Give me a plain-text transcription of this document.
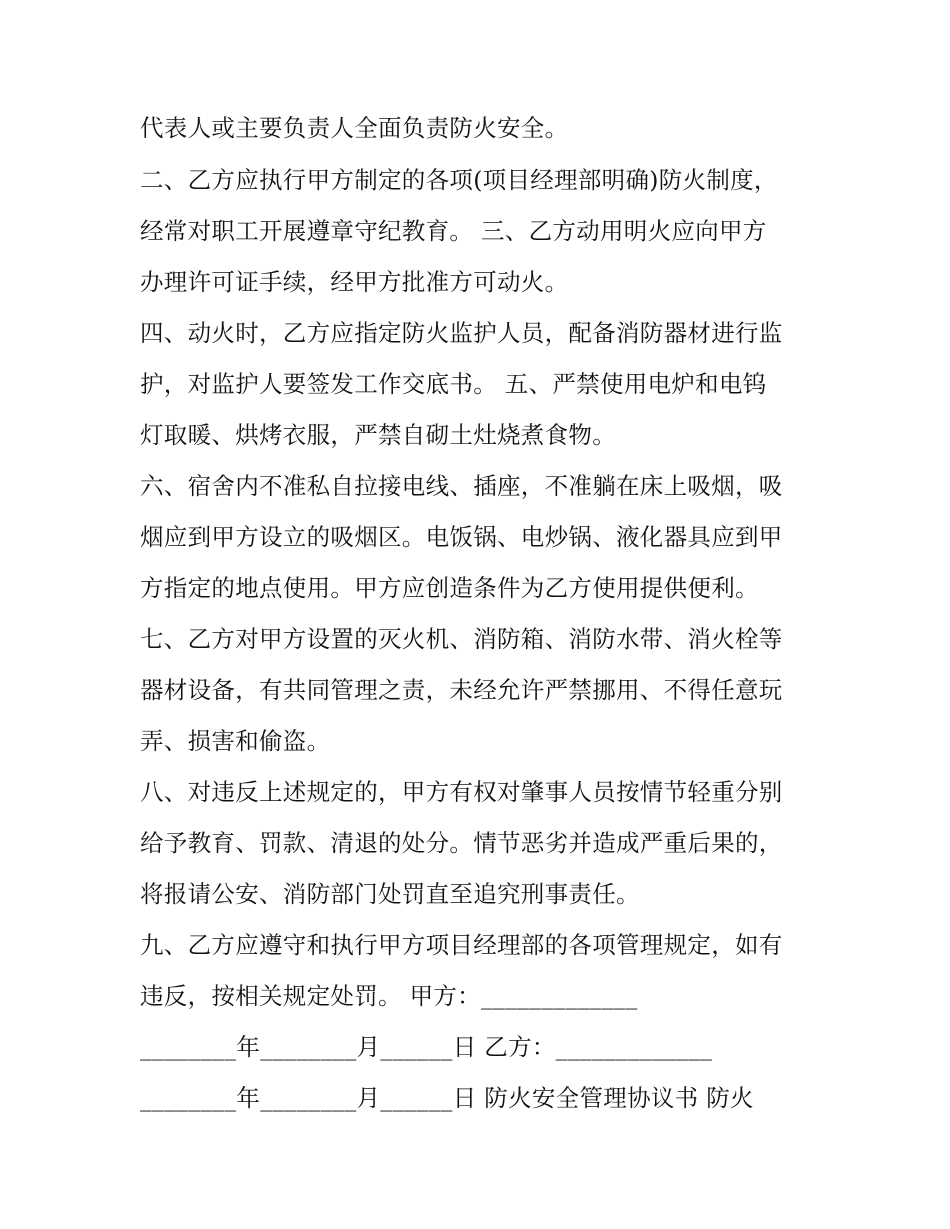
代表人或主要负责人全面负责防火安全。
二、乙方应执行甲方制定的各项(项目经理部明确)防火制度，
经常对职工开展遵章守纪教育。 三、乙方动用明火应向甲方
办理许可证手续，经甲方批准方可动火。
四、动火时，乙方应指定防火监护人员，配备消防器材进行监
护，对监护人要签发工作交底书。 五、严禁使用电炉和电钨
灯取暖、烘烤衣服，严禁自砌土灶烧煮食物。
六、宿舍内不准私自拉接电线、插座，不准躺在床上吸烟，吸
烟应到甲方设立的吸烟区。电饭锅、电炒锅、液化器具应到甲
方指定的地点使用。甲方应创造条件为乙方使用提供便利。
七、乙方对甲方设置的灭火机、消防箱、消防水带、消火栓等
器材设备，有共同管理之责，未经允许严禁挪用、不得任意玩
弄、损害和偷盗。
八、对违反上述规定的，甲方有权对肇事人员按情节轻重分别
给予教育、罚款、清退的处分。情节恶劣并造成严重后果的，
将报请公安、消防部门处罚直至追究刑事责任。
九、乙方应遵守和执行甲方项目经理部的各项管理规定，如有
违反，按相关规定处罚。 甲方：_____________
________年________月______日 乙方：_____________
________年________月______日 防火安全管理协议书 防火
